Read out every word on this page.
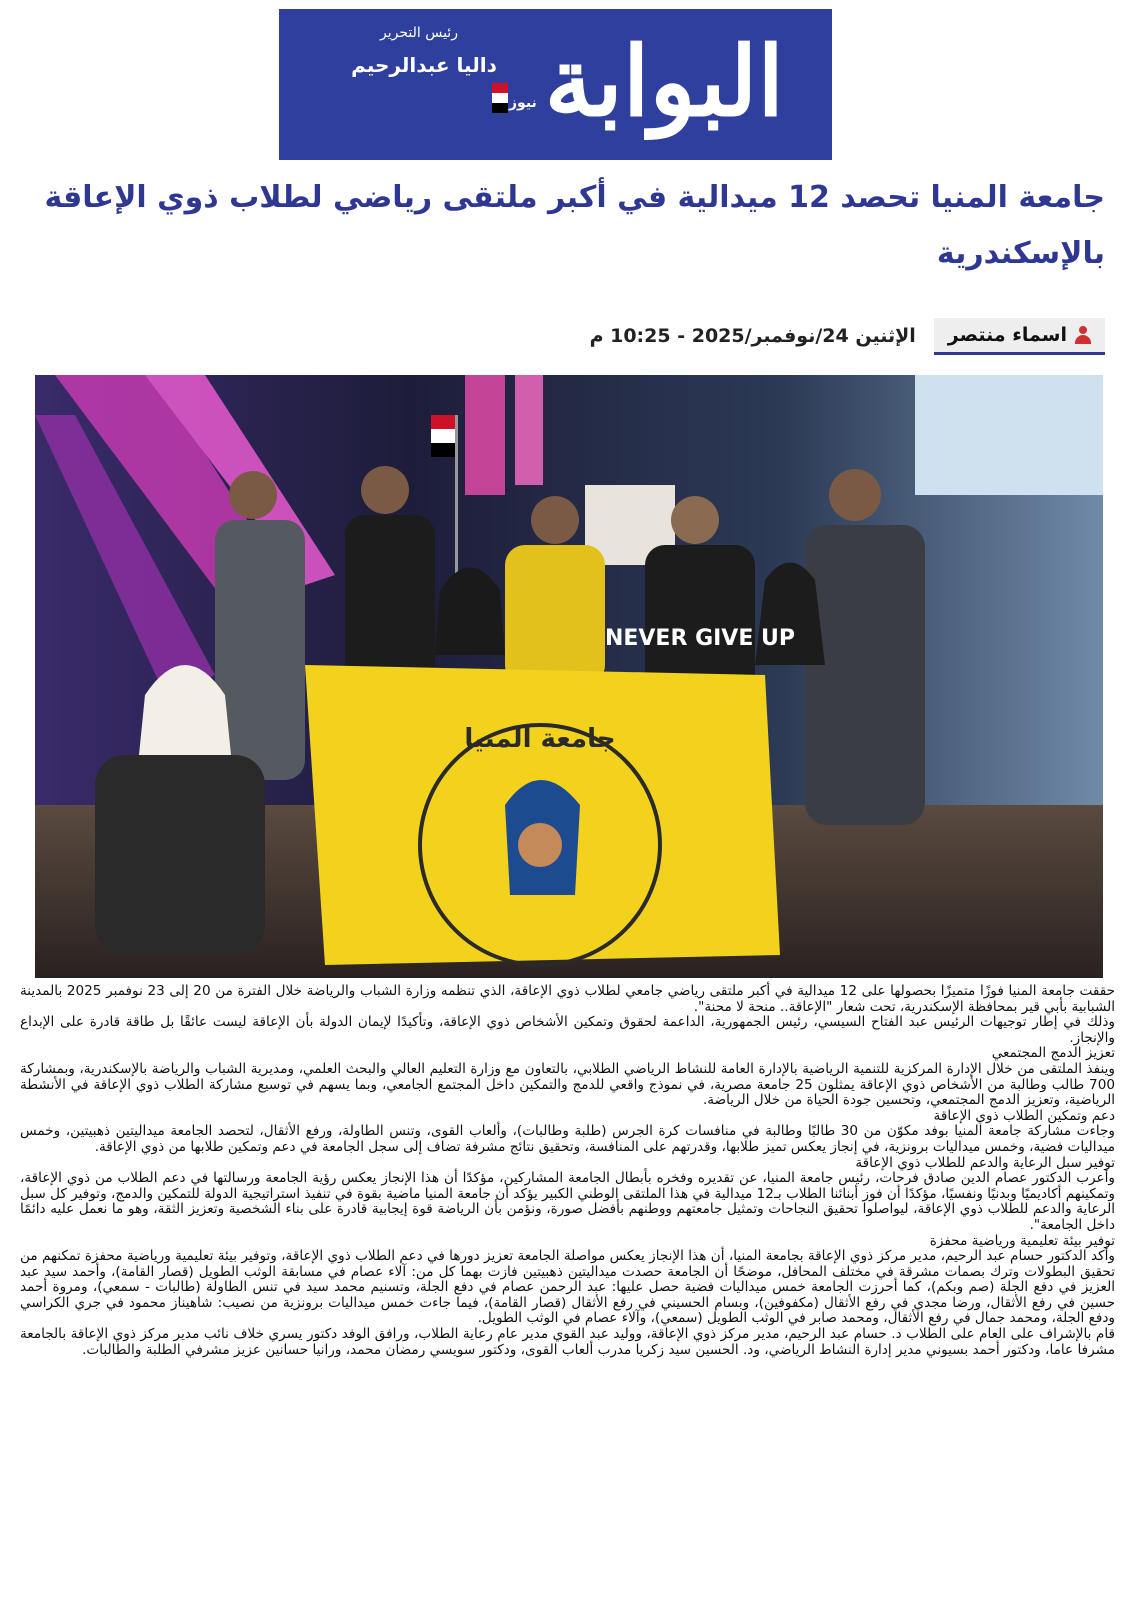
البوابة
نيوز
رئيس التحرير
داليا عبدالرحيم
جامعة المنيا تحصد 12 ميدالية في أكبر ملتقى رياضي لطلاب ذوي الإعاقة بالإسكندرية
اسماء منتصر
الإثنين 24/نوفمبر/2025 - 10:25 م
جامعة المنيا
NEVER GIVE UP

حققت جامعة المنيا فوزًا متميزًا بحصولها على 12 ميدالية في أكبر ملتقى رياضي جامعي لطلاب ذوي الإعاقة، الذي تنظمه وزارة الشباب والرياضة خلال الفترة من 20 إلى 23 نوفمبر 2025 بالمدينة الشبابية بأبي قير بمحافظة الإسكندرية، تحت شعار "الإعاقة.. منحة لا محنة".

وذلك في إطار توجيهات الرئيس عبد الفتاح السيسي، رئيس الجمهورية، الداعمة لحقوق وتمكين الأشخاص ذوي الإعاقة، وتأكيدًا لإيمان الدولة بأن الإعاقة ليست عائقًا بل طاقة قادرة على الإبداع والإنجاز.

تعزيز الدمج المجتمعي

وينفذ الملتقى من خلال الإدارة المركزية للتنمية الرياضية بالإدارة العامة للنشاط الرياضي الطلابي، بالتعاون مع وزارة التعليم العالي والبحث العلمي، ومديرية الشباب والرياضة بالإسكندرية، وبمشاركة 700 طالب وطالبة من الأشخاص ذوي الإعاقة يمثلون 25 جامعة مصرية، في نموذج واقعي للدمج والتمكين داخل المجتمع الجامعي، وبما يسهم في توسيع مشاركة الطلاب ذوي الإعاقة في الأنشطة الرياضية، وتعزيز الدمج المجتمعي، وتحسين جودة الحياة من خلال الرياضة.

دعم وتمكين الطلاب ذوي الإعاقة

وجاءت مشاركة جامعة المنيا بوفد مكوّن من 30 طالبًا وطالبة في منافسات كرة الجرس (طلبة وطالبات)، وألعاب القوى، وتنس الطاولة، ورفع الأثقال، لتحصد الجامعة ميداليتين ذهبيتين، وخمس ميداليات فضية، وخمس ميداليات برونزية، في إنجاز يعكس تميز طلابها، وقدرتهم على المنافسة، وتحقيق نتائج مشرفة تضاف إلى سجل الجامعة في دعم وتمكين طلابها من ذوي الإعاقة.

توفير سبل الرعاية والدعم للطلاب ذوي الإعاقة

وأعرب الدكتور عصام الدين صادق فرحات، رئيس جامعة المنيا، عن تقديره وفخره بأبطال الجامعة المشاركين، مؤكدًا أن هذا الإنجاز يعكس رؤية الجامعة ورسالتها في دعم الطلاب من ذوي الإعاقة، وتمكينهم أكاديميًا وبدنيًا ونفسيًا، مؤكدًا أن فوز أبنائنا الطلاب بـ12 ميدالية في هذا الملتقى الوطني الكبير يؤكد أن جامعة المنيا ماضية بقوة في تنفيذ استراتيجية الدولة للتمكين والدمج، وتوفير كل سبل الرعاية والدعم للطلاب ذوي الإعاقة، ليواصلوا تحقيق النجاحات وتمثيل جامعتهم ووطنهم بأفضل صورة، ونؤمن بأن الرياضة قوة إيجابية قادرة على بناء الشخصية وتعزيز الثقة، وهو ما نعمل عليه دائمًا داخل الجامعة".

توفير بيئة تعليمية ورياضية محفزة

وأكد الدكتور حسام عبد الرحيم، مدير مركز ذوي الإعاقة بجامعة المنيا، أن هذا الإنجاز يعكس مواصلة الجامعة تعزيز دورها في دعم الطلاب ذوي الإعاقة، وتوفير بيئة تعليمية ورياضية محفزة تمكنهم من تحقيق البطولات وترك بصمات مشرقة في مختلف المحافل، موضحًا أن الجامعة حصدت ميداليتين ذهبيتين فازت بهما كل من: آلاء عصام في مسابقة الوثب الطويل (قصار القامة)، وأحمد سيد عبد العزيز في دفع الجلة (صم وبكم)، كما أحرزت الجامعة خمس ميداليات فضية حصل عليها: عبد الرحمن عصام في دفع الجلة، وتسنيم محمد سيد في تنس الطاولة (طالبات - سمعي)، ومروة أحمد حسين في رفع الأثقال، ورضا مجدي في رفع الأثقال (مكفوفين)، وبسام الحسيني في رفع الأثقال (قصار القامة)، فيما جاءت خمس ميداليات برونزية من نصيب: شاهيناز محمود في جري الكراسي ودفع الجلة، ومحمد جمال في رفع الأثقال، ومحمد صابر في الوثب الطويل (سمعي)، وآلاء عصام في الوثب الطويل.

قام بالإشراف على العام على الطلاب د. حسام عبد الرحيم، مدير مركز ذوي الإعاقة، ووليد عبد القوي مدير عام رعاية الطلاب، ورافق الوفد دكتور يسري خلاف نائب مدير مركز ذوي الإعاقة بالجامعة مشرفا عاما، ودكتور أحمد بسيوني مدير إدارة النشاط الرياضي، ود. الحسين سيد زكريا مدرب ألعاب القوى، ودكتور سويسي رمضان محمد، ورانيا حسانين عزيز مشرفي الطلبة والطالبات.
